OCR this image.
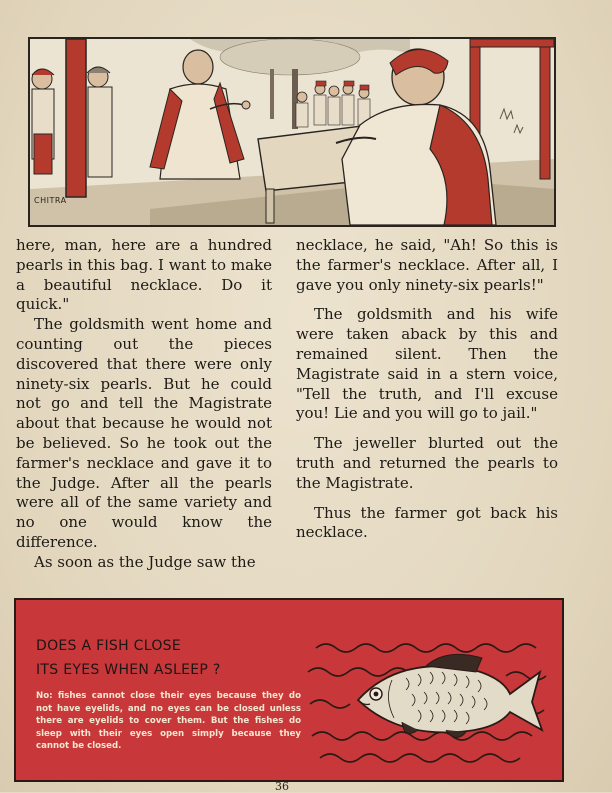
CHITRA

here, man, here are a hundred pearls in this bag. I want to make a beautiful necklace. Do it quick."

The goldsmith went home and counting out the pieces discovered that there were only ninety-six pearls. But he could not go and tell the Magistrate about that because he would not be believed. So he took out the farmer's necklace and gave it to the Judge. After all the pearls were all of the same variety and no one would know the difference.

As soon as the Judge saw the

necklace, he said, "Ah! So this is the farmer's necklace. After all, I gave you only ninety-six pearls!"

The goldsmith and his wife were taken aback by this and remained silent. Then the Magistrate said in a stern voice, "Tell the truth, and I'll excuse you! Lie and you will go to jail."

The jeweller blurted out the truth and returned the pearls to the Magistrate.

Thus the farmer got back his necklace.

DOES A FISH CLOSE
ITS EYES WHEN ASLEEP ?
No: fishes cannot close their eyes because they do not have eyelids, and no eyes can be closed unless there are eyelids to cover them. But the fishes do sleep with their eyes open simply because they cannot be closed.
36
